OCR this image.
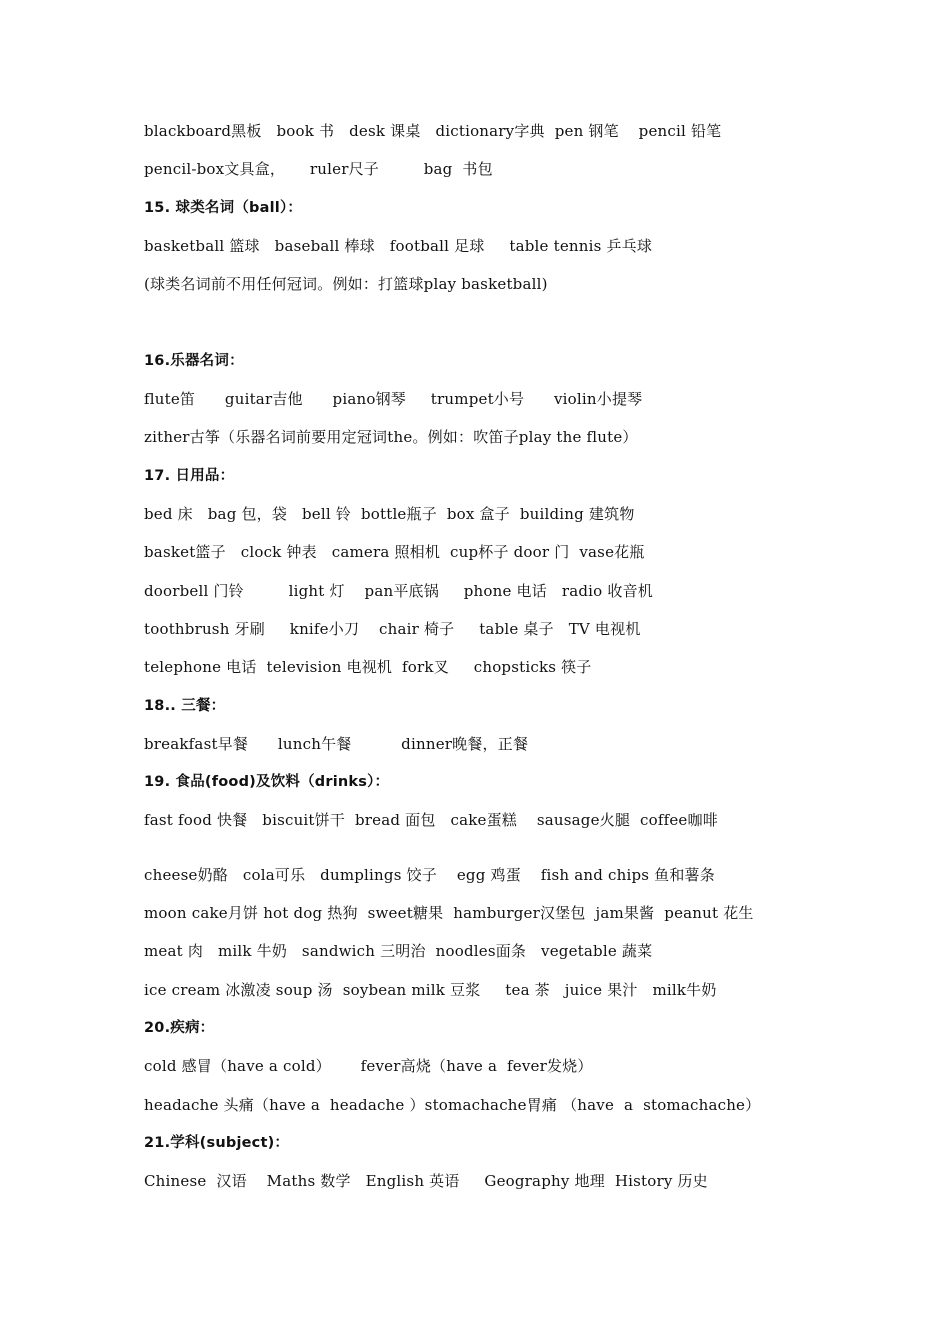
blackboard黑板   book 书   desk 课桌   dictionary字典  pen 钢笔    pencil 铅笔
pencil-box文具盒，     ruler尺子         bag  书包
15. 球类名词（ball）：
basketball 篮球   baseball 棒球   football 足球     table tennis 乒乓球
(球类名词前不用任何冠词。例如：打篮球play basketball)
16.乐器名词：
flute笛      guitar吉他      piano钢琴     trumpet小号      violin小提琴
zither古筝（乐器名词前要用定冠词the。例如：吹笛子play the flute）
17. 日用品：
bed 床   bag 包，袋   bell 铃  bottle瓶子  box 盒子  building 建筑物
basket篮子   clock 钟表   camera 照相机  cup杯子 door 门  vase花瓶
doorbell 门铃         light 灯    pan平底锅     phone 电话   radio 收音机
toothbrush 牙刷     knife小刀    chair 椅子     table 桌子   TV 电视机
telephone 电话  television 电视机  fork叉     chopsticks 筷子
18.. 三餐：
breakfast早餐      lunch午餐          dinner晚餐，正餐
19. 食品(food)及饮料（drinks）：
fast food 快餐   biscuit饼干  bread 面包   cake蛋糕    sausage火腿  coffee咖啡
cheese奶酪   cola可乐   dumplings 饺子    egg 鸡蛋    fish and chips 鱼和薯条
moon cake月饼 hot dog 热狗  sweet糖果  hamburger汉堡包  jam果酱  peanut 花生
meat 肉   milk 牛奶   sandwich 三明治  noodles面条   vegetable 蔬菜
ice cream 冰激凌 soup 汤  soybean milk 豆浆     tea 茶   juice 果汁   milk牛奶
20.疾病：
cold 感冒（have a cold）      fever高烧（have a  fever发烧）
headache 头痛（have a  headache ）stomachache胃痛 （have  a  stomachache）
21.学科(subject)：
Chinese  汉语    Maths 数学   English 英语     Geography 地理  History 历史
